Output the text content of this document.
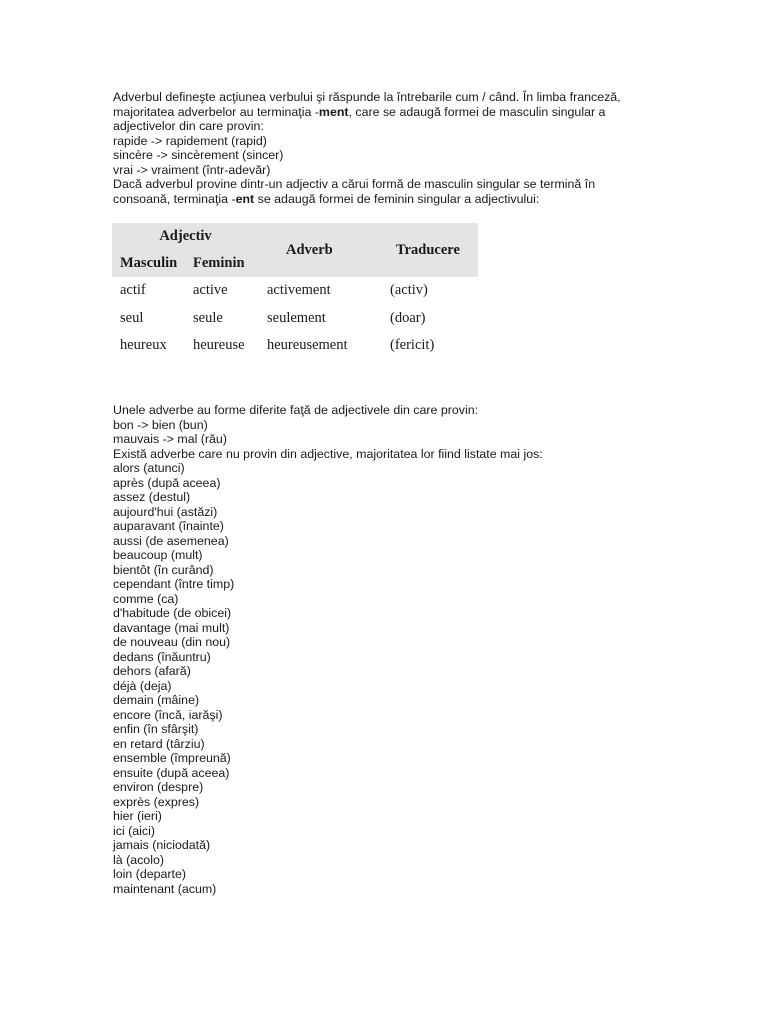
Adverbul defineşte acţiunea verbului şi răspunde la întrebarile cum / când. În limba franceză, majoritatea adverbelor au terminaţia -ment, care se adaugă formei de masculin singular a adjectivelor din care provin:

rapide -> rapidement (rapid)

sincère -> sincèrement (sincer)

vrai -> vraiment (într-adevăr)

Dacă adverbul provine dintr-un adjectiv a cărui formă de masculin singular se termină în consoană, terminaţia -ent se adaugă formei de feminin singular a adjectivului:

Adjectiv		Adverb	Traducere
Masculin	Feminin		
actif	active	activement	(activ)
seul	seule	seulement	(doar)
heureux	heureuse	heureusement	(fericit)

Unele adverbe au forme diferite faţă de adjectivele din care provin:

bon -> bien (bun)

mauvais -> mal (rău)

Există adverbe care nu provin din adjective, majoritatea lor fiind listate mai jos:

alors (atunci)
après (după aceea)
assez (destul)
aujourd'hui (astăzi)
auparavant (înainte)
aussi (de asemenea)
beaucoup (mult)
bientôt (în curând)
cependant (între timp)
comme (ca)
d'habitude (de obicei)
davantage (mai mult)
de nouveau (din nou)
dedans (înăuntru)
dehors (afară)
déjà (deja)
demain (mâine)
encore (încă, iarăşi)
enfin (în sfârşit)
en retard (târziu)
ensemble (împreună)
ensuite (după aceea)
environ (despre)
exprès (expres)
hier (ieri)
ici (aici)
jamais (niciodată)
là (acolo)
loin (departe)
maintenant (acum)
